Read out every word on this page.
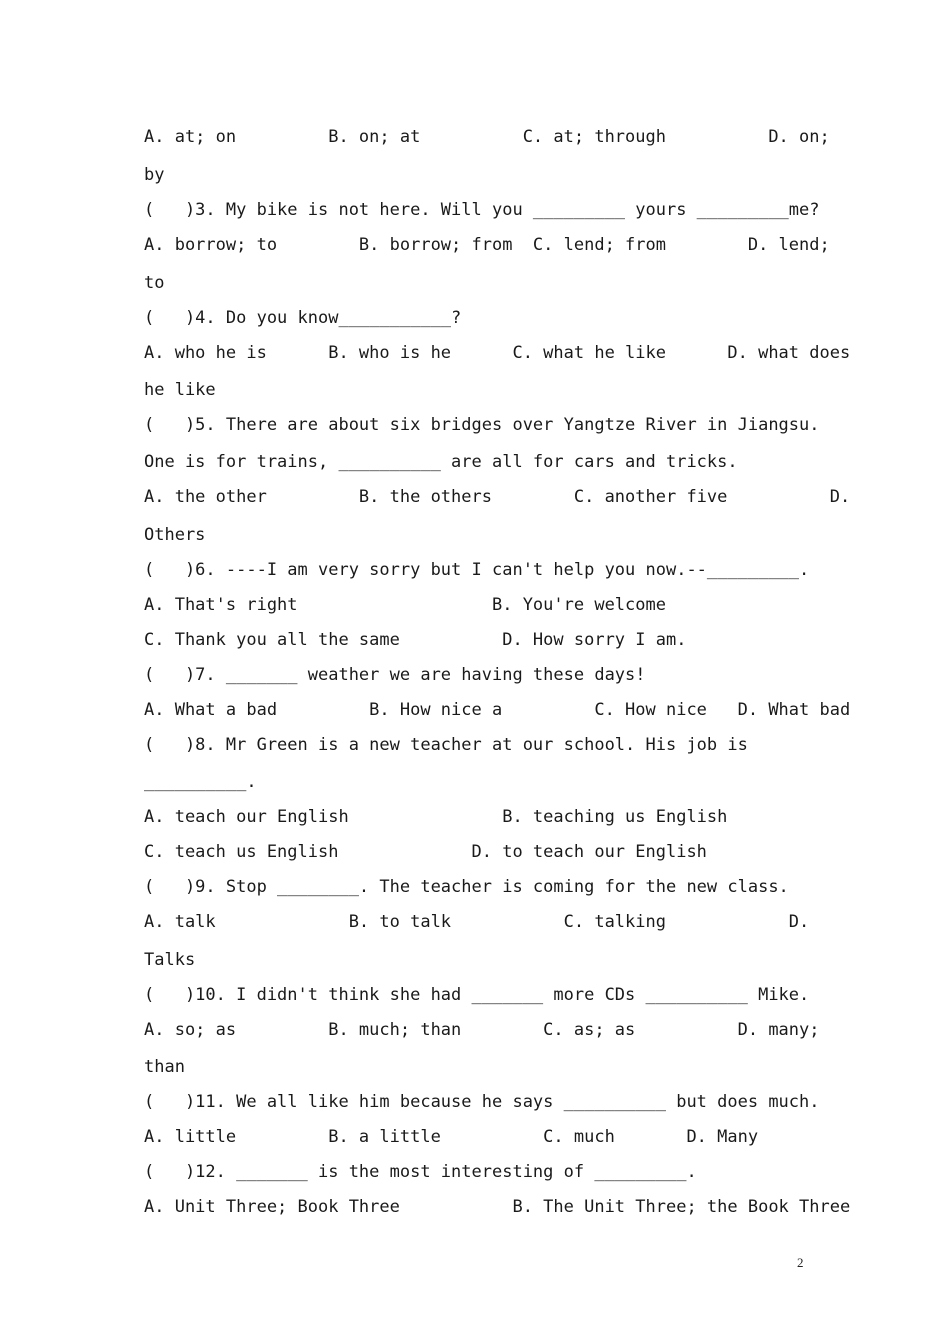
A. at; on         B. on; at          C. at; through          D. on;

by

(   )3. My bike is not here. Will you _________ yours _________me?

A. borrow; to        B. borrow; from  C. lend; from        D. lend;

to

(   )4. Do you know___________?

A. who he is      B. who is he      C. what he like      D. what does

he like

(   )5. There are about six bridges over Yangtze River in Jiangsu.

One is for trains, __________ are all for cars and tricks.

A. the other         B. the others        C. another five          D.

Others

(   )6. ----I am very sorry but I can't help you now.--_________.

A. That's right                   B. You're welcome

C. Thank you all the same          D. How sorry I am.

(   )7. _______ weather we are having these days!

A. What a bad         B. How nice a         C. How nice   D. What bad

(   )8. Mr Green is a new teacher at our school. His job is

__________.

A. teach our English               B. teaching us English

C. teach us English             D. to teach our English

(   )9. Stop ________. The teacher is coming for the new class.

A. talk             B. to talk           C. talking            D.

Talks

(   )10. I didn't think she had _______ more CDs __________ Mike.

A. so; as         B. much; than        C. as; as          D. many;

than

(   )11. We all like him because he says __________ but does much.

A. little         B. a little          C. much       D. Many

(   )12. _______ is the most interesting of _________.

A. Unit Three; Book Three           B. The Unit Three; the Book Three

2
